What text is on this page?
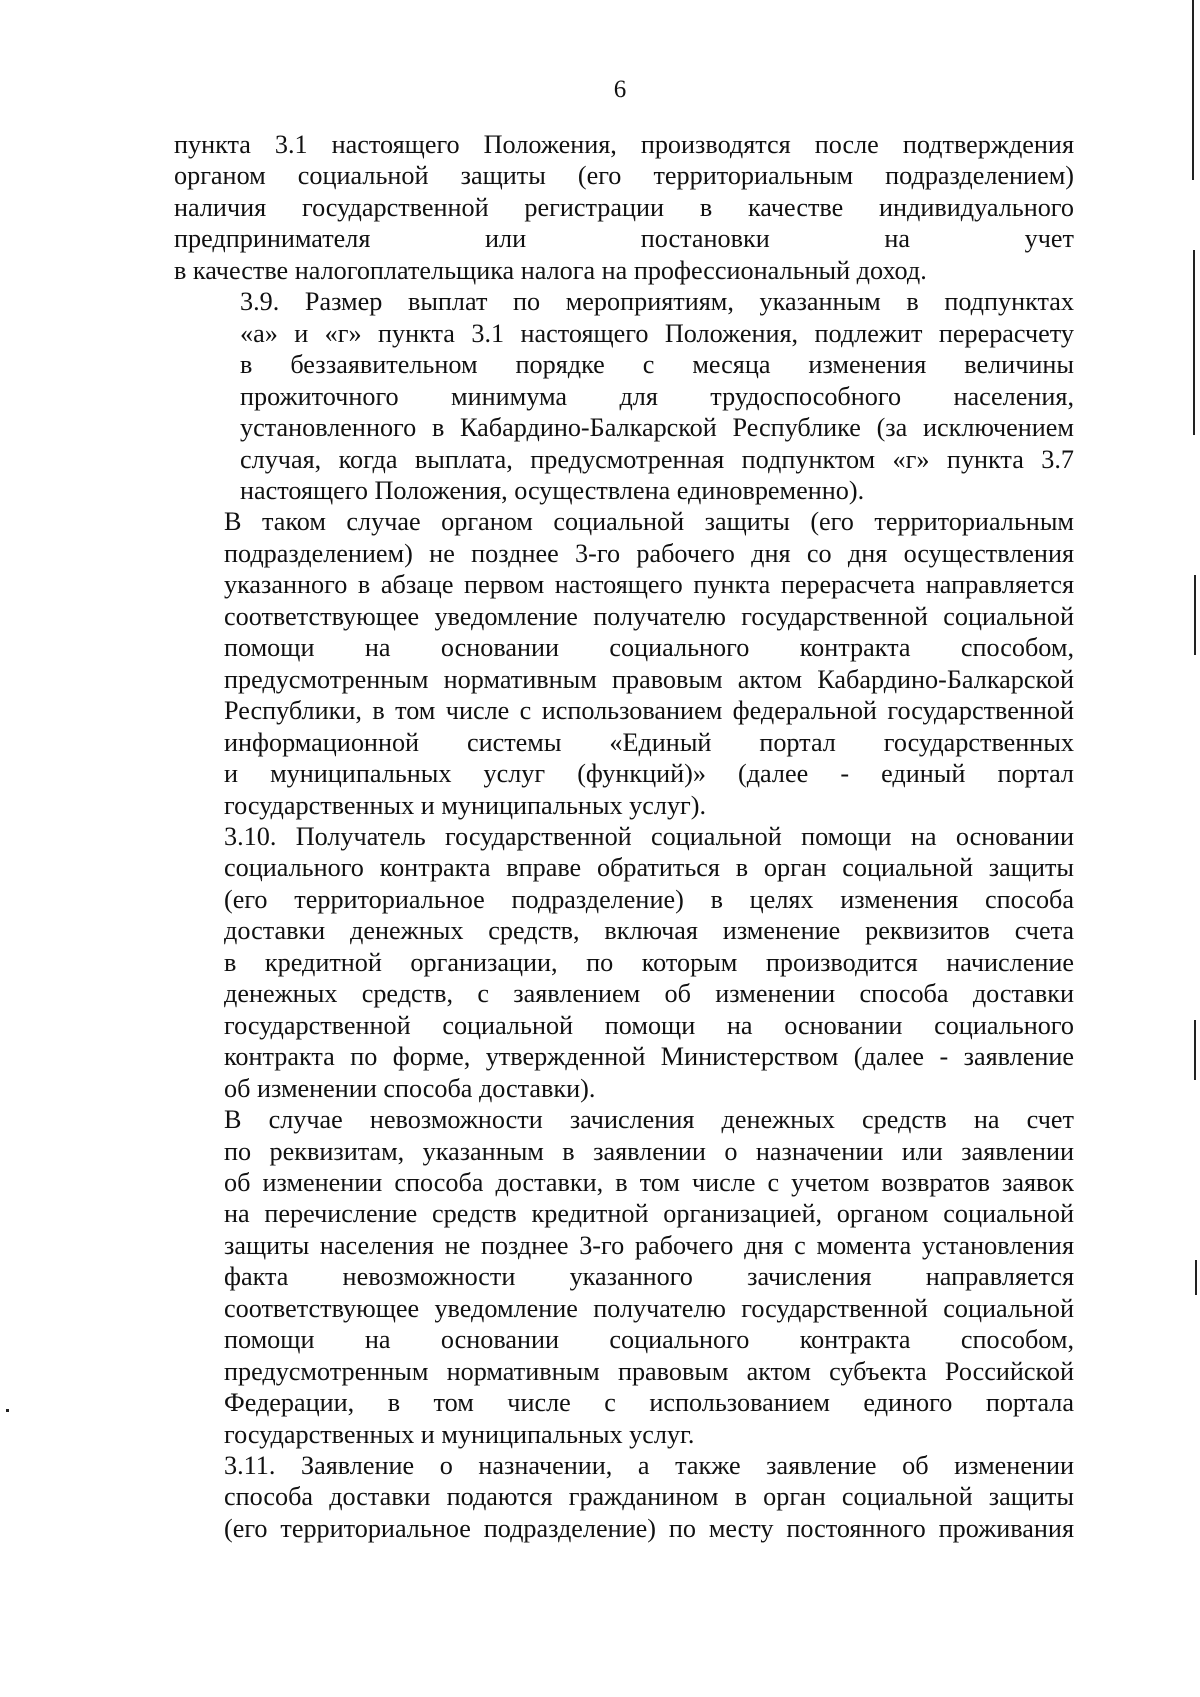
6

пункта 3.1 настоящего Положения, производятся после подтверждения
органом социальной защиты (его территориальным подразделением)
наличия государственной регистрации в качестве индивидуального
предпринимателя или постановки на учет
в качестве налогоплательщика налога на профессиональный доход.

3.9. Размер выплат по мероприятиям, указанным в подпунктах
«а» и «г» пункта 3.1 настоящего Положения, подлежит перерасчету
в беззаявительном порядке с месяца изменения величины
прожиточного минимума для трудоспособного населения,
установленного в Кабардино-Балкарской Республике (за исключением
случая, когда выплата, предусмотренная подпунктом «г» пункта 3.7
настоящего Положения, осуществлена единовременно).

В таком случае органом социальной защиты (его территориальным
подразделением) не позднее 3-го рабочего дня со дня осуществления
указанного в абзаце первом настоящего пункта перерасчета направляется
соответствующее уведомление получателю государственной социальной
помощи на основании социального контракта способом,
предусмотренным нормативным правовым актом Кабардино-Балкарской
Республики, в том числе с использованием федеральной государственной
информационной системы «Единый портал государственных
и муниципальных услуг (функций)» (далее - единый портал
государственных и муниципальных услуг).

3.10. Получатель государственной социальной помощи на основании
социального контракта вправе обратиться в орган социальной защиты
(его территориальное подразделение) в целях изменения способа
доставки денежных средств, включая изменение реквизитов счета
в кредитной организации, по которым производится начисление
денежных средств, с заявлением об изменении способа доставки
государственной социальной помощи на основании социального
контракта по форме, утвержденной Министерством (далее - заявление
об изменении способа доставки).

В случае невозможности зачисления денежных средств на счет
по реквизитам, указанным в заявлении о назначении или заявлении
об изменении способа доставки, в том числе с учетом возвратов заявок
на перечисление средств кредитной организацией, органом социальной
защиты населения не позднее 3-го рабочего дня с момента установления
факта невозможности указанного зачисления направляется
соответствующее уведомление получателю государственной социальной
помощи на основании социального контракта способом,
предусмотренным нормативным правовым актом субъекта Российской
Федерации, в том числе с использованием единого портала
государственных и муниципальных услуг.

3.11. Заявление о назначении, а также заявление об изменении
способа доставки подаются гражданином в орган социальной защиты
(его территориальное подразделение) по месту постоянного проживания
